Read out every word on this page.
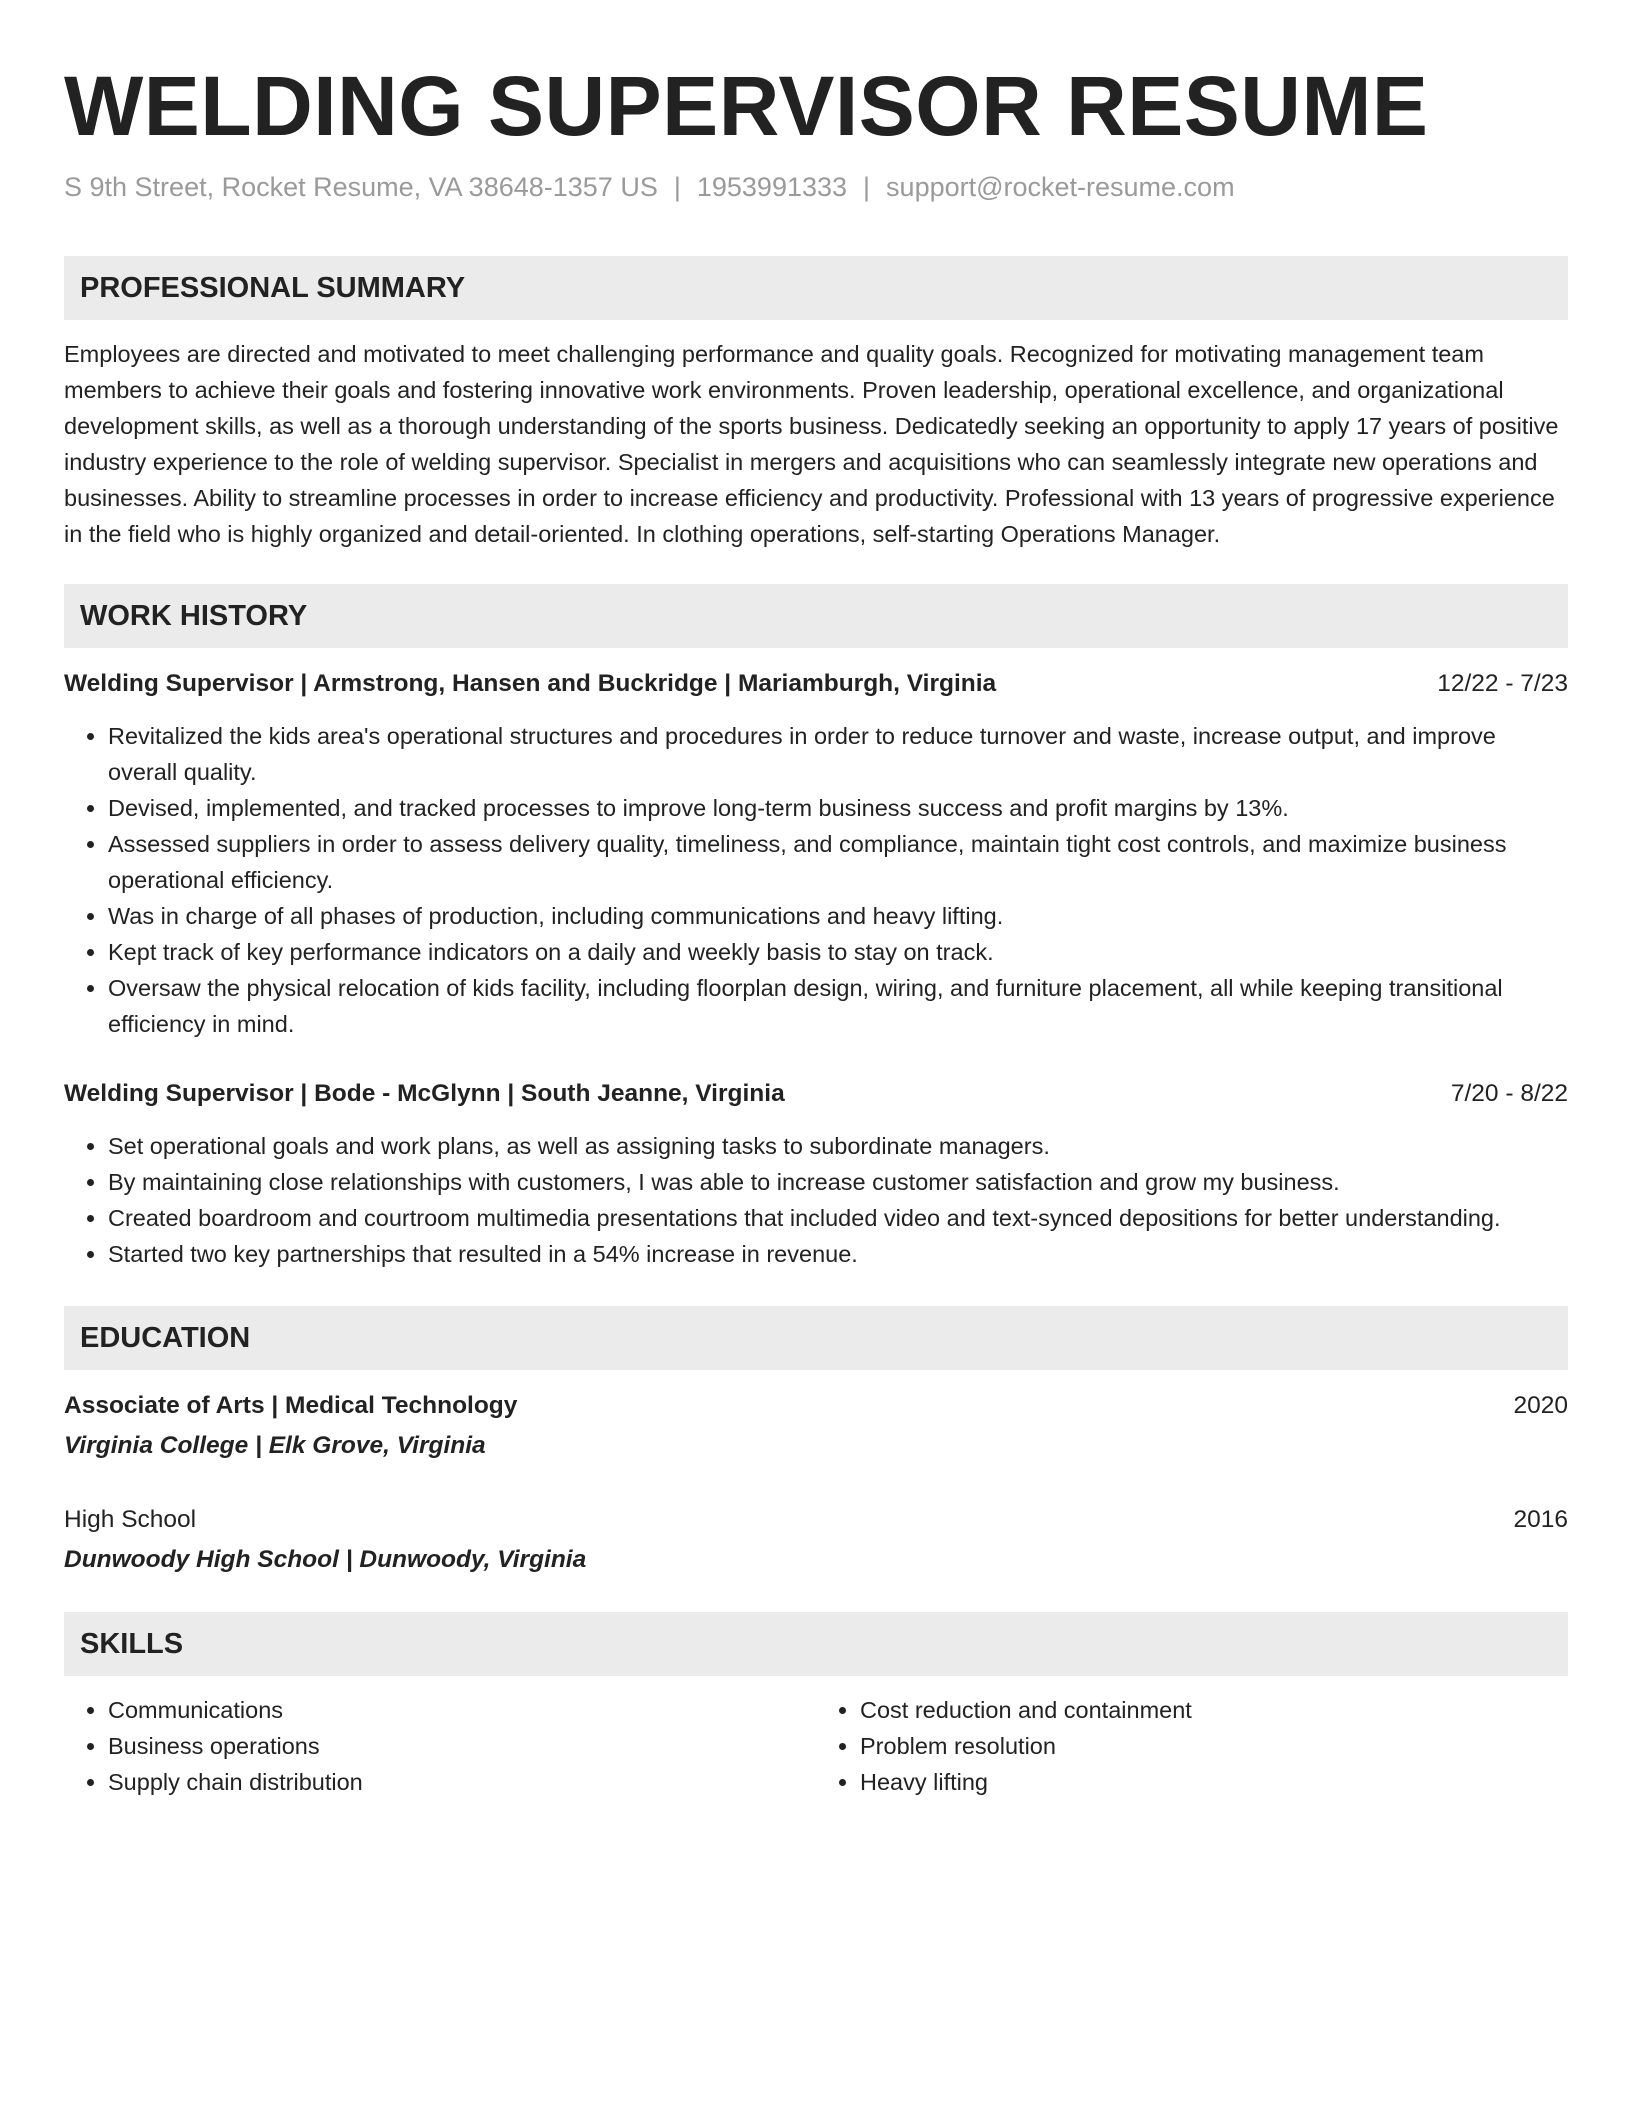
WELDING SUPERVISOR RESUME
S 9th Street, Rocket Resume, VA 38648-1357 US | 1953991333 | support@rocket-resume.com
PROFESSIONAL SUMMARY

Employees are directed and motivated to meet challenging performance and quality goals. Recognized for motivating management team members to achieve their goals and fostering innovative work environments. Proven leadership, operational excellence, and organizational development skills, as well as a thorough understanding of the sports business. Dedicatedly seeking an opportunity to apply 17 years of positive industry experience to the role of welding supervisor. Specialist in mergers and acquisitions who can seamlessly integrate new operations and businesses. Ability to streamline processes in order to increase efficiency and productivity. Professional with 13 years of progressive experience in the field who is highly organized and detail-oriented. In clothing operations, self-starting Operations Manager.

WORK HISTORY
Welding Supervisor | Armstrong, Hansen and Buckridge | Mariamburgh, Virginia	12/22 - 7/23
• Revitalized the kids area's operational structures and procedures in order to reduce turnover and waste, increase output, and improve overall quality.
• Devised, implemented, and tracked processes to improve long-term business success and profit margins by 13%.
• Assessed suppliers in order to assess delivery quality, timeliness, and compliance, maintain tight cost controls, and maximize business operational efficiency.
• Was in charge of all phases of production, including communications and heavy lifting.
• Kept track of key performance indicators on a daily and weekly basis to stay on track.
• Oversaw the physical relocation of kids facility, including floorplan design, wiring, and furniture placement, all while keeping transitional efficiency in mind.
Welding Supervisor | Bode - McGlynn | South Jeanne, Virginia	7/20 - 8/22
• Set operational goals and work plans, as well as assigning tasks to subordinate managers.
• By maintaining close relationships with customers, I was able to increase customer satisfaction and grow my business.
• Created boardroom and courtroom multimedia presentations that included video and text-synced depositions for better understanding.
• Started two key partnerships that resulted in a 54% increase in revenue.
EDUCATION
Associate of Arts | Medical Technology	2020
Virginia College | Elk Grove, Virginia
High School	2016
Dunwoody High School | Dunwoody, Virginia
SKILLS
• Communications
• Business operations
• Supply chain distribution
• Cost reduction and containment
• Problem resolution
• Heavy lifting
